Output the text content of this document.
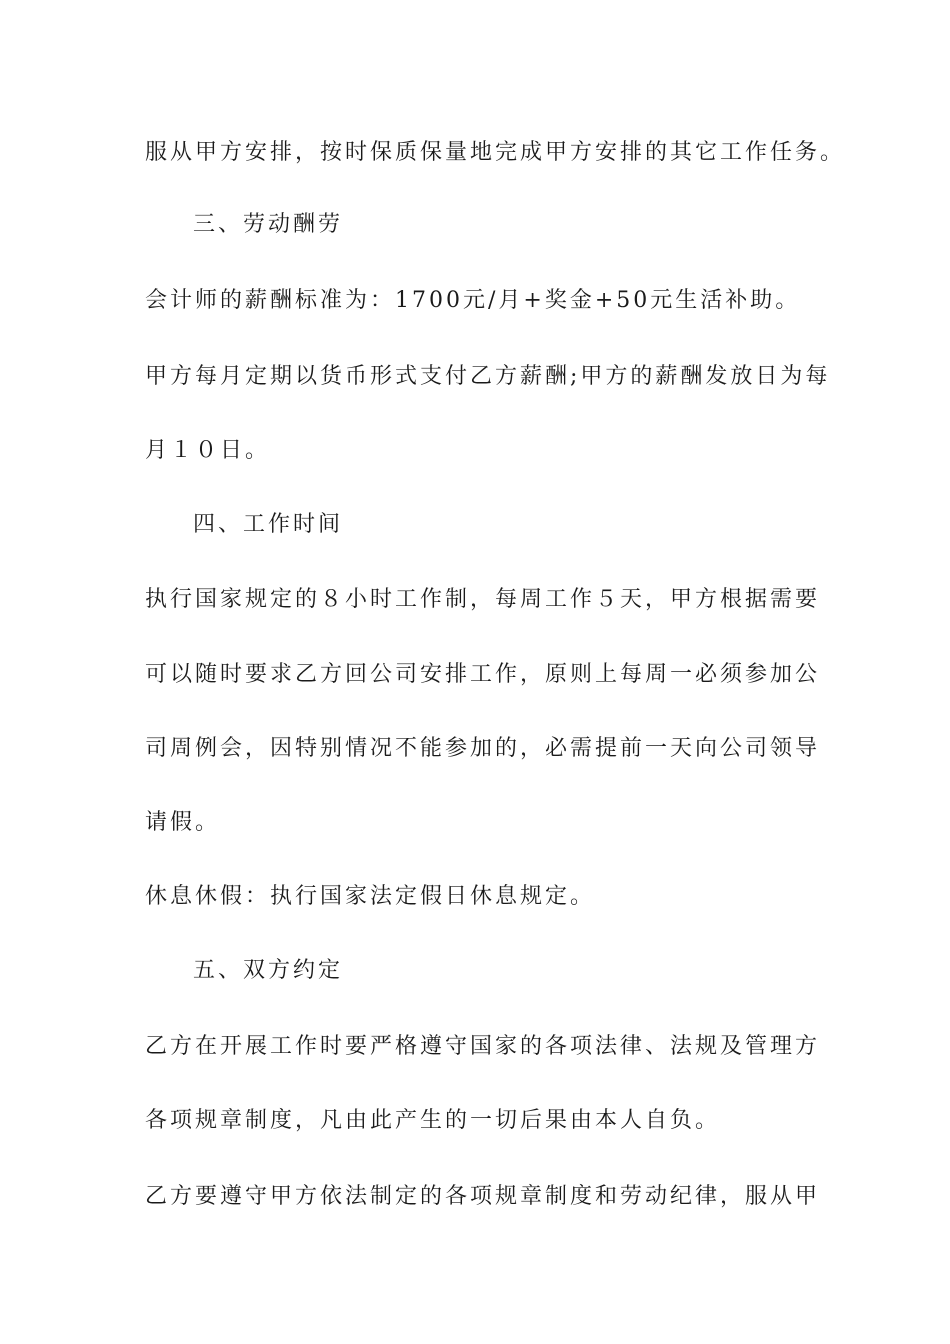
服从甲方安排，按时保质保量地完成甲方安排的其它工作任务。
三、劳动酬劳
会计师的薪酬标准为：1700元/月+奖金+50元生活补助。
甲方每月定期以货币形式支付乙方薪酬;甲方的薪酬发放日为每
月１０日。
四、工作时间
执行国家规定的８小时工作制，每周工作５天，甲方根据需要
可以随时要求乙方回公司安排工作，原则上每周一必须参加公
司周例会，因特别情况不能参加的，必需提前一天向公司领导
请假。
休息休假：执行国家法定假日休息规定。
五、双方约定
乙方在开展工作时要严格遵守国家的各项法律、法规及管理方
各项规章制度，凡由此产生的一切后果由本人自负。
乙方要遵守甲方依法制定的各项规章制度和劳动纪律，服从甲
